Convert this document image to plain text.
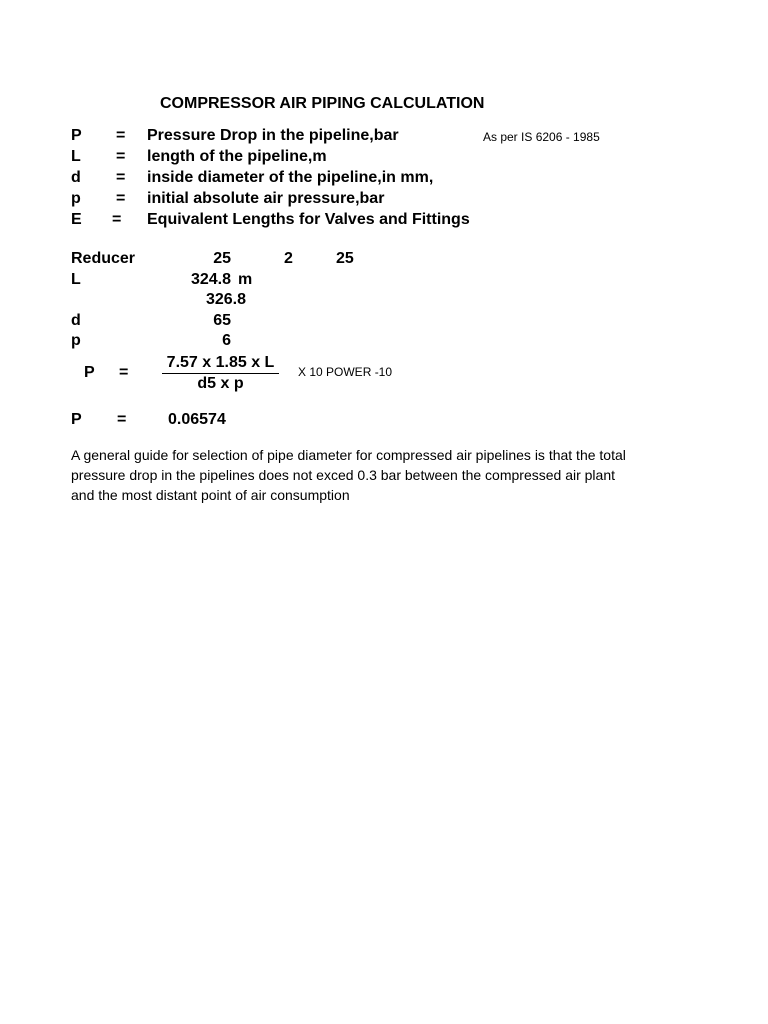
COMPRESSOR AIR PIPING CALCULATION
As per IS 6206 - 1985
P = Pressure Drop in the pipeline,bar
L = length of the pipeline,m
d = inside diameter of the pipeline,in mm,
p = initial absolute air pressure,bar
E = Equivalent Lengths for Valves and Fittings
Reducer	25	2	25
L	324.8 m
326.8
d	65
p	6
P =
7.57 x 1.85 x L
d5 x p
X 10 POWER -10
P =	0.06574
A general guide for selection of pipe diameter for compressed air pipelines is that the total pressure drop in the pipelines does not exced 0.3 bar between the compressed air plant and the most distant point of air consumption
